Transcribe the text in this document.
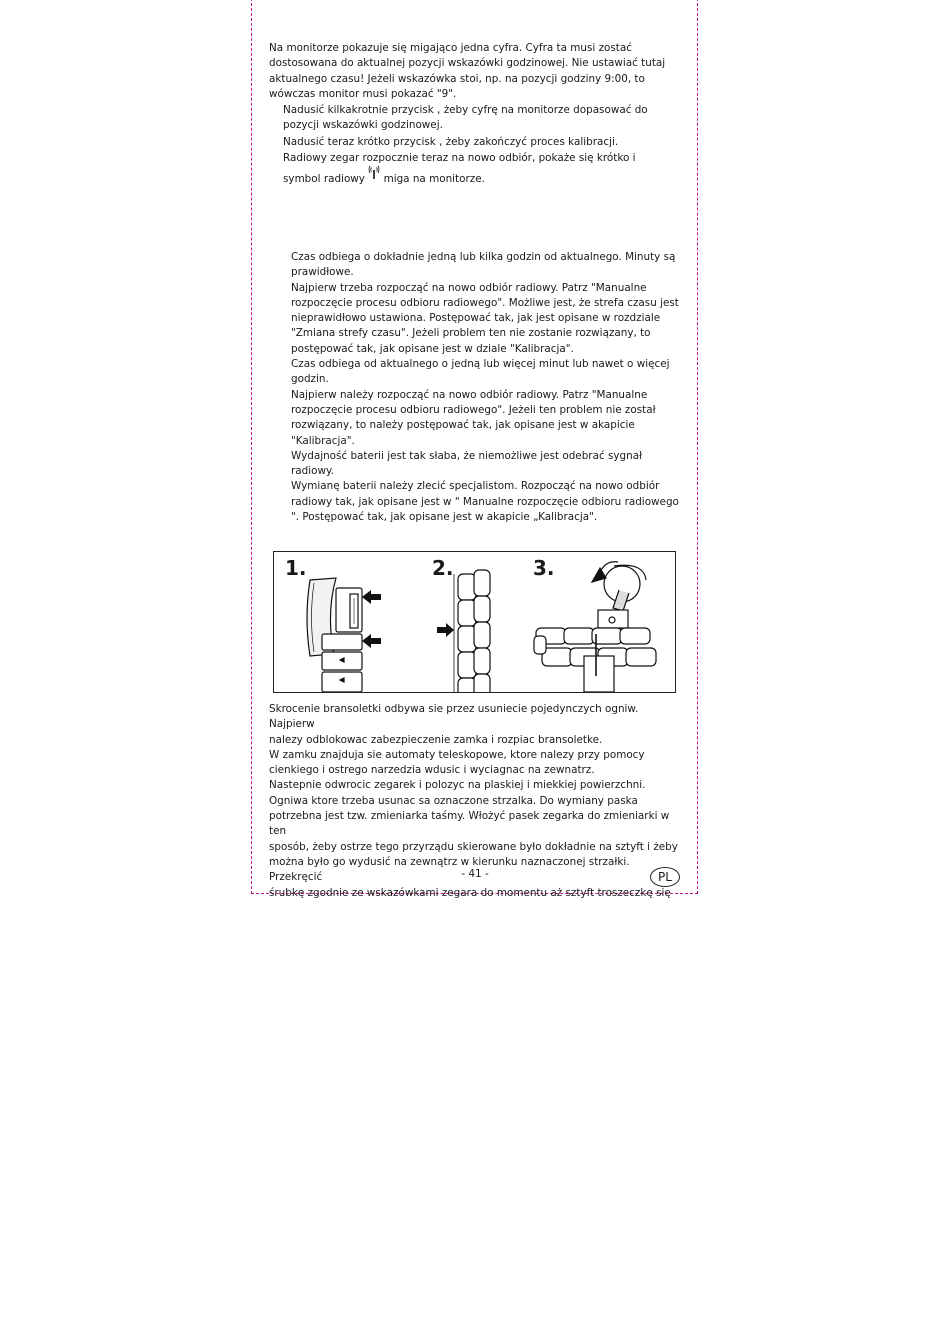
Na monitorze pokazuje się migająco jedna cyfra. Cyfra ta musi zostać

dostosowana do aktualnej pozycji wskazówki godzinowej. Nie ustawiać tutaj

aktualnego czasu! Jeżeli wskazówka stoi, np. na pozycji godziny 9:00, to

wówczas monitor musi pokazać "9".

Nadusić kilkakrotnie przycisk , żeby cyfrę na monitorze dopasować do

pozycji wskazówki godzinowej.

Nadusić teraz krótko przycisk , żeby zakończyć proces kalibracji.

Radiowy zegar rozpocznie teraz na nowo odbiór, pokaże się krótko i

symbol radiowy
miga na monitorze.

Czas odbiega o dokładnie jedną lub kilka godzin od aktualnego. Minuty są

prawidłowe.

Najpierw trzeba rozpocząć na nowo odbiór radiowy. Patrz "Manualne

rozpoczęcie procesu odbioru radiowego". Możliwe jest, że strefa czasu jest

nieprawidłowo ustawiona. Postępować tak, jak jest opisane w rozdziale

"Zmiana strefy czasu". Jeżeli problem ten nie zostanie rozwiązany, to

postępować tak, jak opisane jest w dziale "Kalibracja".

Czas odbiega od aktualnego o jedną lub więcej minut lub nawet o więcej

godzin.

Najpierw należy rozpocząć na nowo odbiór radiowy. Patrz "Manualne

rozpoczęcie procesu odbioru radiowego". Jeżeli ten problem nie został

rozwiązany, to należy postępować tak, jak opisane jest w akapicie

"Kalibracja".

Wydajność baterii jest tak słaba, że niemożliwe jest odebrać sygnał radiowy.

Wymianę baterii należy zlecić specjalistom. Rozpocząć na nowo odbiór

radiowy tak, jak opisane jest w " Manualne rozpoczęcie odbioru radiowego

". Postępować tak, jak opisane jest w akapicie „Kalibracja".

1.	2.	3.

Skrocenie bransoletki odbywa sie przez usuniecie pojedynczych ogniw. Najpierw

nalezy odblokowac zabezpieczenie zamka i rozpiac bransoletke.

W zamku znajduja sie automaty teleskopowe, ktore nalezy przy pomocy

cienkiego i ostrego narzedzia wdusic i wyciagnac na zewnatrz.

Nastepnie odwrocic zegarek i polozyc na plaskiej i miekkiej powierzchni.

Ogniwa ktore trzeba usunac sa oznaczone strzalka. Do wymiany paska

potrzebna jest tzw. zmieniarka taśmy. Włożyć pasek zegarka do zmieniarki w ten

sposób, żeby ostrze tego przyrządu skierowane było dokładnie na sztyft i żeby

można było go wydusić na zewnątrz w kierunku naznaczonej strzałki. Przekręcić

śrubkę zgodnie ze wskazówkami zegara do momentu aż sztyft troszeczkę się

- 41 -	PL
